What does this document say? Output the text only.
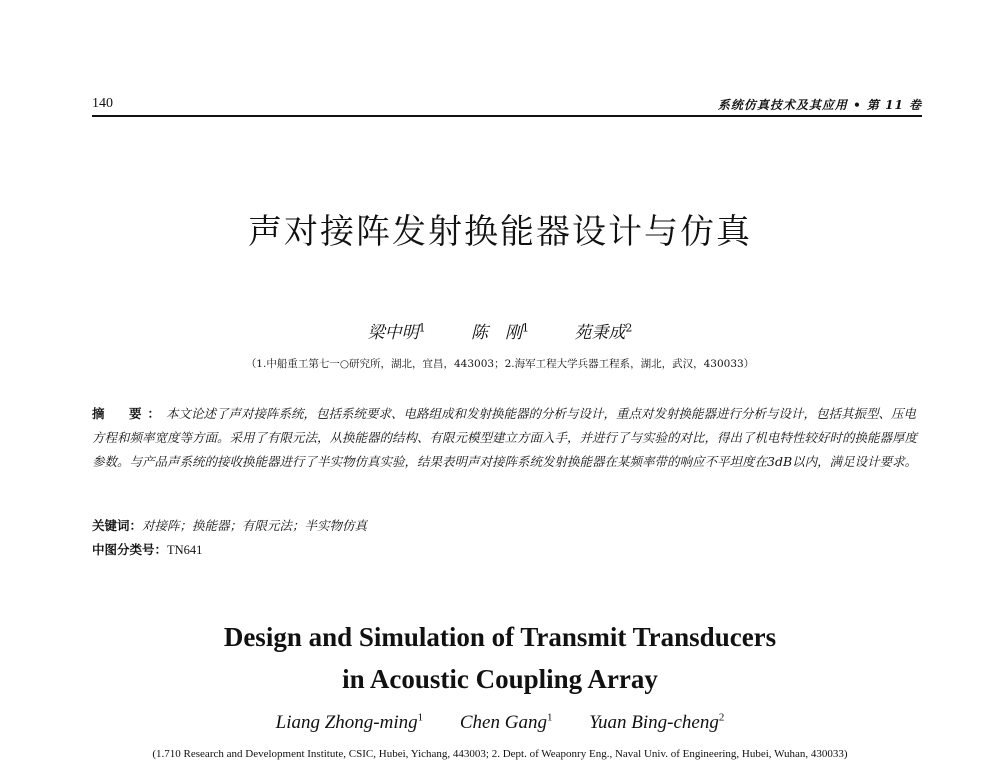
140	系统仿真技术及其应用 • 第 11 卷
声对接阵发射换能器设计与仿真
梁中明$^1$	陈　刚$^1$	苑秉成$^2$
（1.中船重工第七一○研究所，湖北，宜昌，443003；2.海军工程大学兵器工程系，湖北，武汉，430033）
摘　要：本文论述了声对接阵系统，包括系统要求、电路组成和发射换能器的分析与设计，重点对发射换能器进行分析与设计，包括其振型、压电方程和频率宽度等方面。采用了有限元法，从换能器的结构、有限元模型建立方面入手，并进行了与实验的对比，得出了机电特性较好时的换能器厚度参数。与产品声系统的接收换能器进行了半实物仿真实验，结果表明声对接阵系统发射换能器在某频率带的响应不平坦度在3dB以内，满足设计要求。
关键词：对接阵；换能器；有限元法；半实物仿真
中图分类号：TN641
Design and Simulation of Transmit Transducers
in Acoustic Coupling Array
Liang Zhong-ming$^1$ Chen Gang$^1$ Yuan Bing-cheng$^2$
(1.710 Research and Development Institute, CSIC, Hubei, Yichang, 443003; 2. Dept. of Weaponry Eng., Naval Univ. of Engineering, Hubei, Wuhan, 430033)
